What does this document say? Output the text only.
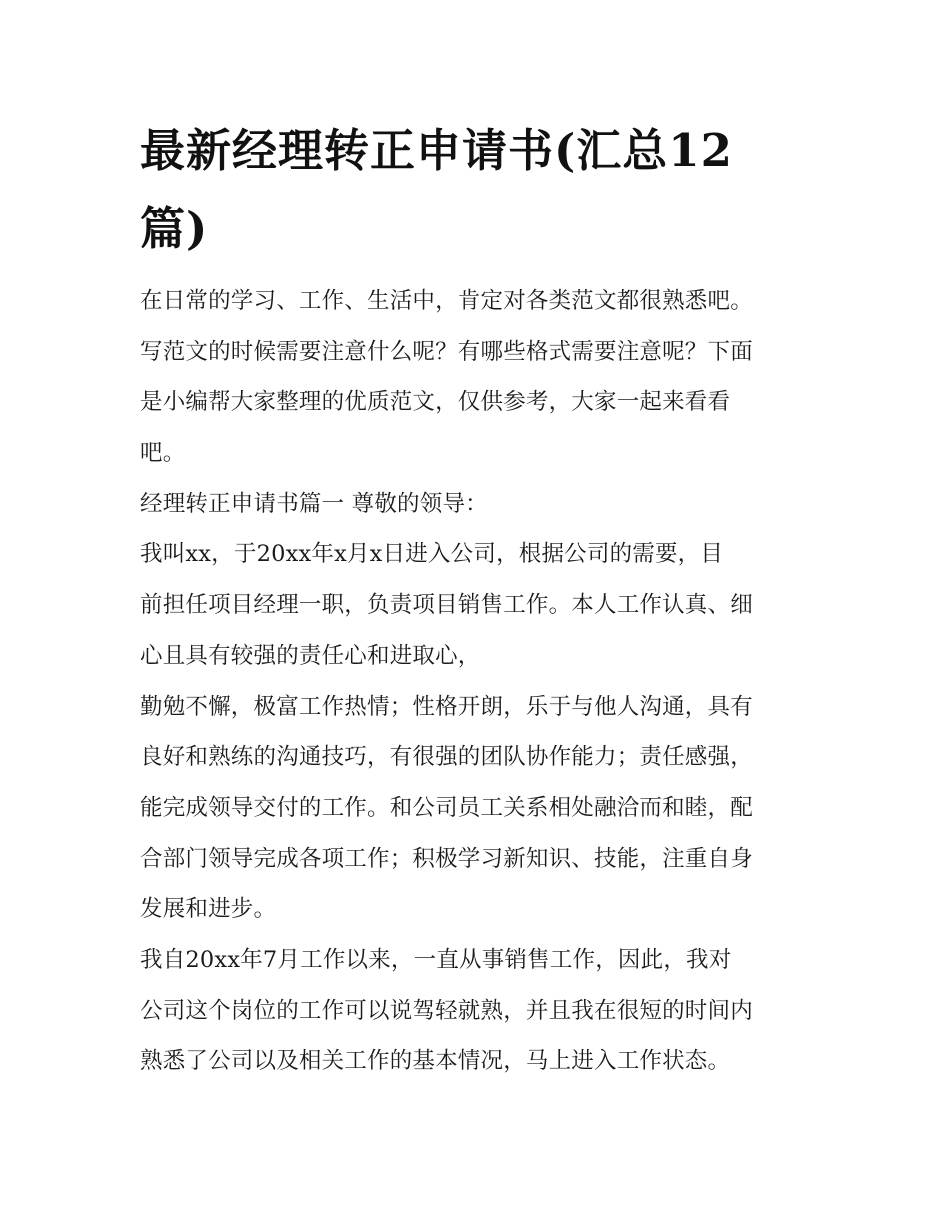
最新经理转正申请书(汇总12
篇)
在日常的学习、工作、生活中，肯定对各类范文都很熟悉吧。
写范文的时候需要注意什么呢？有哪些格式需要注意呢？下面
是小编帮大家整理的优质范文，仅供参考，大家一起来看看
吧。
经理转正申请书篇一 尊敬的领导：
我叫xx，于20xx年x月x日进入公司，根据公司的需要，目
前担任项目经理一职，负责项目销售工作。本人工作认真、细
心且具有较强的责任心和进取心，
勤勉不懈，极富工作热情；性格开朗，乐于与他人沟通，具有
良好和熟练的沟通技巧，有很强的团队协作能力；责任感强，
能完成领导交付的工作。和公司员工关系相处融洽而和睦，配
合部门领导完成各项工作；积极学习新知识、技能，注重自身
发展和进步。
我自20xx年7月工作以来，一直从事销售工作，因此，我对
公司这个岗位的工作可以说驾轻就熟，并且我在很短的时间内
熟悉了公司以及相关工作的基本情况，马上进入工作状态。
